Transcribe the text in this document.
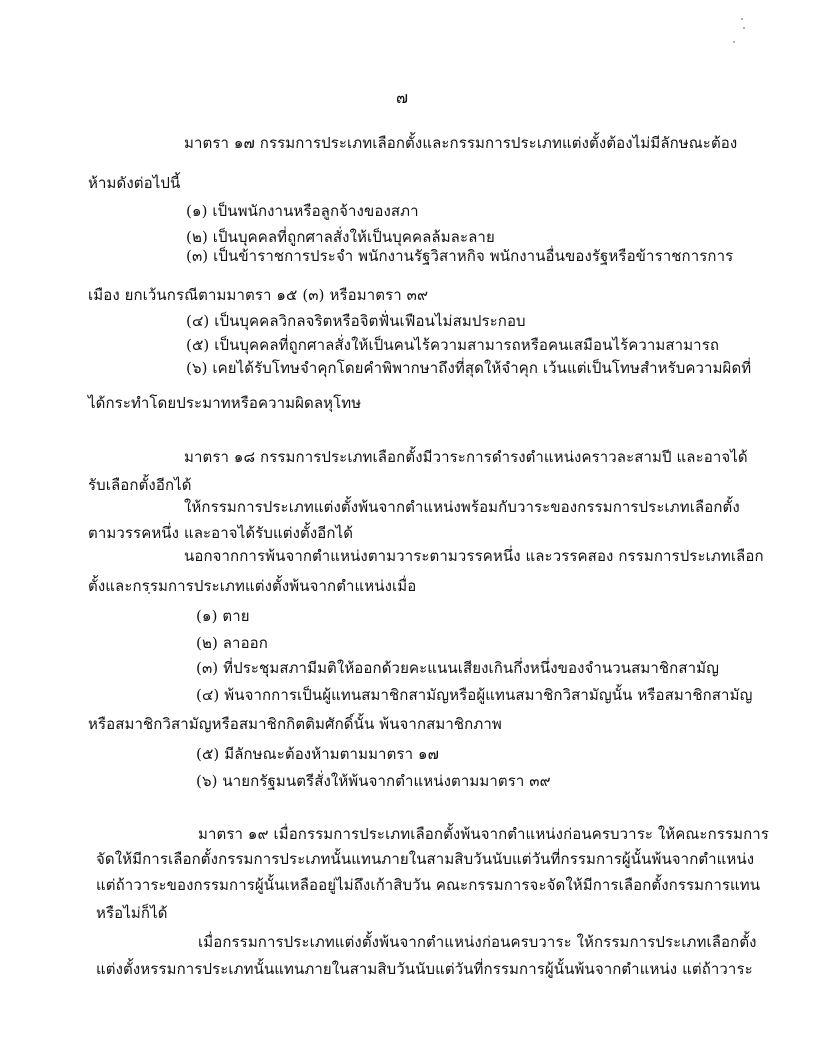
๗
มาตรา ๑๗ กรรมการประเภทเลือกตั้งและกรรมการประเภทแต่งตั้งต้องไม่มีลักษณะต้อง
ห้ามดังต่อไปนี้
(๑) เป็นพนักงานหรือลูกจ้างของสภา
(๒) เป็นบุคคลที่ถูกศาลสั่งให้เป็นบุคคลล้มละลาย
(๓) เป็นข้าราชการประจำ พนักงานรัฐวิสาหกิจ พนักงานอื่นของรัฐหรือข้าราชการการ
เมือง ยกเว้นกรณีตามมาตรา ๑๕ (๓) หรือมาตรา ๓๙
(๔) เป็นบุคคลวิกลจริตหรือจิตฟั่นเฟือนไม่สมประกอบ
(๕) เป็นบุคคลที่ถูกศาลสั่งให้เป็นคนไร้ความสามารถหรือคนเสมือนไร้ความสามารถ
(๖) เคยได้รับโทษจำคุกโดยคำพิพากษาถึงที่สุดให้จำคุก เว้นแต่เป็นโทษสำหรับความผิดที่
ได้กระทำโดยประมาทหรือความผิดลหุโทษ
มาตรา ๑๘ กรรมการประเภทเลือกตั้งมีวาระการดำรงตำแหน่งคราวละสามปี และอาจได้
รับเลือกตั้งอีกได้
ให้กรรมการประเภทแต่งตั้งพ้นจากตำแหน่งพร้อมกับวาระของกรรมการประเภทเลือกตั้ง
ตามวรรคหนึ่ง และอาจได้รับแต่งตั้งอีกได้
นอกจากการพ้นจากตำแหน่งตามวาระตามวรรคหนึ่ง และวรรคสอง กรรมการประเภทเลือก
ตั้งและกรรมการประเภทแต่งตั้งพ้นจากตำแหน่งเมื่อ
(๑) ตาย
(๒) ลาออก
(๓) ที่ประชุมสภามีมติให้ออกด้วยคะแนนเสียงเกินกึ่งหนึ่งของจำนวนสมาชิกสามัญ
(๔) พ้นจากการเป็นผู้แทนสมาชิกสามัญหรือผู้แทนสมาชิกวิสามัญนั้น หรือสมาชิกสามัญ
หรือสมาชิกวิสามัญหรือสมาชิกกิตติมศักดิ์นั้น พ้นจากสมาชิกภาพ
(๕) มีลักษณะต้องห้ามตามมาตรา ๑๗
(๖) นายกรัฐมนตรีสั่งให้พ้นจากตำแหน่งตามมาตรา ๓๙
มาตรา ๑๙ เมื่อกรรมการประเภทเลือกตั้งพ้นจากตำแหน่งก่อนครบวาระ ให้คณะกรรมการ
จัดให้มีการเลือกตั้งกรรมการประเภทนั้นแทนภายในสามสิบวันนับแต่วันที่กรรมการผู้นั้นพ้นจากตำแหน่ง
แต่ถ้าวาระของกรรมการผู้นั้นเหลืออยู่ไม่ถึงเก้าสิบวัน คณะกรรมการจะจัดให้มีการเลือกตั้งกรรมการแทน
หรือไม่ก็ได้
เมื่อกรรมการประเภทแต่งตั้งพ้นจากตำแหน่งก่อนครบวาระ ให้กรรมการประเภทเลือกตั้ง
แต่งตั้งหรรมการประเภทนั้นแทนภายในสามสิบวันนับแต่วันที่กรรมการผู้นั้นพ้นจากตำแหน่ง แต่ถ้าวาระ
